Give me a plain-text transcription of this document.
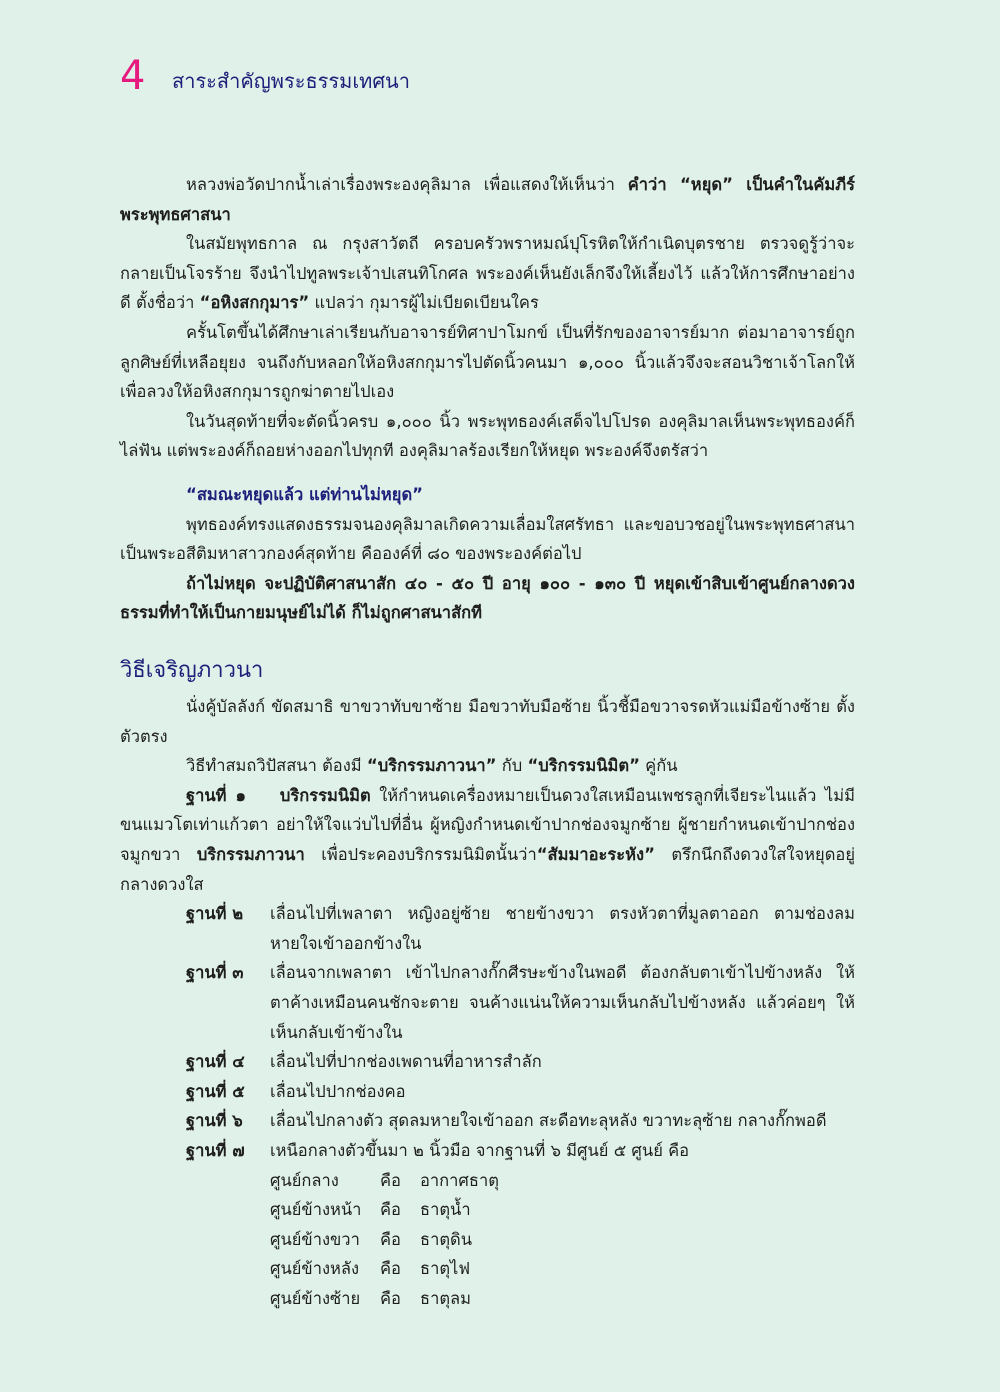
4 สาระสำคัญพระธรรมเทศนา

หลวงพ่อวัดปากน้ำเล่าเรื่องพระองคุลิมาล เพื่อแสดงให้เห็นว่า คำว่า “หยุด” เป็นคำในคัมภีร์พระพุทธศาสนา

ในสมัยพุทธกาล ณ กรุงสาวัตถี ครอบครัวพราหมณ์ปุโรหิตให้กำเนิดบุตรชาย ตรวจดูรู้ว่าจะกลายเป็นโจรร้าย จึงนำไปทูลพระเจ้าปเสนทิโกศล พระองค์เห็นยังเล็กจึงให้เลี้ยงไว้ แล้วให้การศึกษาอย่างดี ตั้งชื่อว่า “อหิงสกกุมาร” แปลว่า กุมารผู้ไม่เบียดเบียนใคร

ครั้นโตขึ้นได้ศึกษาเล่าเรียนกับอาจารย์ทิศาปาโมกข์ เป็นที่รักของอาจารย์มาก ต่อมาอาจารย์ถูกลูกศิษย์ที่เหลือยุยง จนถึงกับหลอกให้อหิงสกกุมารไปตัดนิ้วคนมา ๑,๐๐๐ นิ้วแล้วจึงจะสอนวิชาเจ้าโลกให้ เพื่อลวงให้อหิงสกกุมารถูกฆ่าตายไปเอง

ในวันสุดท้ายที่จะตัดนิ้วครบ ๑,๐๐๐ นิ้ว พระพุทธองค์เสด็จไปโปรด องคุลิมาลเห็นพระพุทธองค์ก็ไล่ฟัน แต่พระองค์ก็ถอยห่างออกไปทุกที องคุลิมาลร้องเรียกให้หยุด พระองค์จึงตรัสว่า

“สมณะหยุดแล้ว แต่ท่านไม่หยุด”

พุทธองค์ทรงแสดงธรรมจนองคุลิมาลเกิดความเลื่อมใสศรัทธา และขอบวชอยู่ในพระพุทธศาสนา เป็นพระอสีติมหาสาวกองค์สุดท้าย คือองค์ที่ ๘๐ ของพระองค์ต่อไป

ถ้าไม่หยุด จะปฏิบัติศาสนาสัก ๔๐ - ๕๐ ปี อายุ ๑๐๐ - ๑๓๐ ปี หยุดเข้าสิบเข้าศูนย์กลางดวงธรรมที่ทำให้เป็นกายมนุษย์ไม่ได้ ก็ไม่ถูกศาสนาสักที

วิธีเจริญภาวนา

นั่งคู้บัลลังก์ ขัดสมาธิ ขาขวาทับขาซ้าย มือขวาทับมือซ้าย นิ้วชี้มือขวาจรดหัวแม่มือข้างซ้าย ตั้งตัวตรง

วิธีทำสมถวิปัสสนา ต้องมี “บริกรรมภาวนา” กับ “บริกรรมนิมิต” คู่กัน

ฐานที่ ๑ บริกรรมนิมิต ให้กำหนดเครื่องหมายเป็นดวงใสเหมือนเพชรลูกที่เจียระไนแล้ว ไม่มีขนแมวโตเท่าแก้วตา อย่าให้ใจแว่บไปที่อื่น ผู้หญิงกำหนดเข้าปากช่องจมูกซ้าย ผู้ชายกำหนดเข้าปากช่องจมูกขวา บริกรรมภาวนา เพื่อประคองบริกรรมนิมิตนั้นว่า“สัมมาอะระหัง” ตรึกนึกถึงดวงใสใจหยุดอยู่กลางดวงใส

ฐานที่ ๒	เลื่อนไปที่เพลาตา หญิงอยู่ซ้าย ชายข้างขวา ตรงหัวตาที่มูลตาออก ตามช่องลมหายใจเข้าออกข้างใน
ฐานที่ ๓	เลื่อนจากเพลาตา เข้าไปกลางกั๊กศีรษะข้างในพอดี ต้องกลับตาเข้าไปข้างหลัง ให้ตาค้างเหมือนคนชักจะตาย จนค้างแน่นให้ความเห็นกลับไปข้างหลัง แล้วค่อยๆ ให้เห็นกลับเข้าข้างใน
ฐานที่ ๔	เลื่อนไปที่ปากช่องเพดานที่อาหารสำลัก
ฐานที่ ๕	เลื่อนไปปากช่องคอ
ฐานที่ ๖	เลื่อนไปกลางตัว สุดลมหายใจเข้าออก สะดือทะลุหลัง ขวาทะลุซ้าย กลางกั๊กพอดี
ฐานที่ ๗	เหนือกลางตัวขึ้นมา ๒ นิ้วมือ จากฐานที่ ๖ มีศูนย์ ๕ ศูนย์ คือ
ศูนย์กลาง	คือ	อากาศธาตุ
ศูนย์ข้างหน้า	คือ	ธาตุน้ำ
ศูนย์ข้างขวา	คือ	ธาตุดิน
ศูนย์ข้างหลัง	คือ	ธาตุไฟ
ศูนย์ข้างซ้าย	คือ	ธาตุลม
